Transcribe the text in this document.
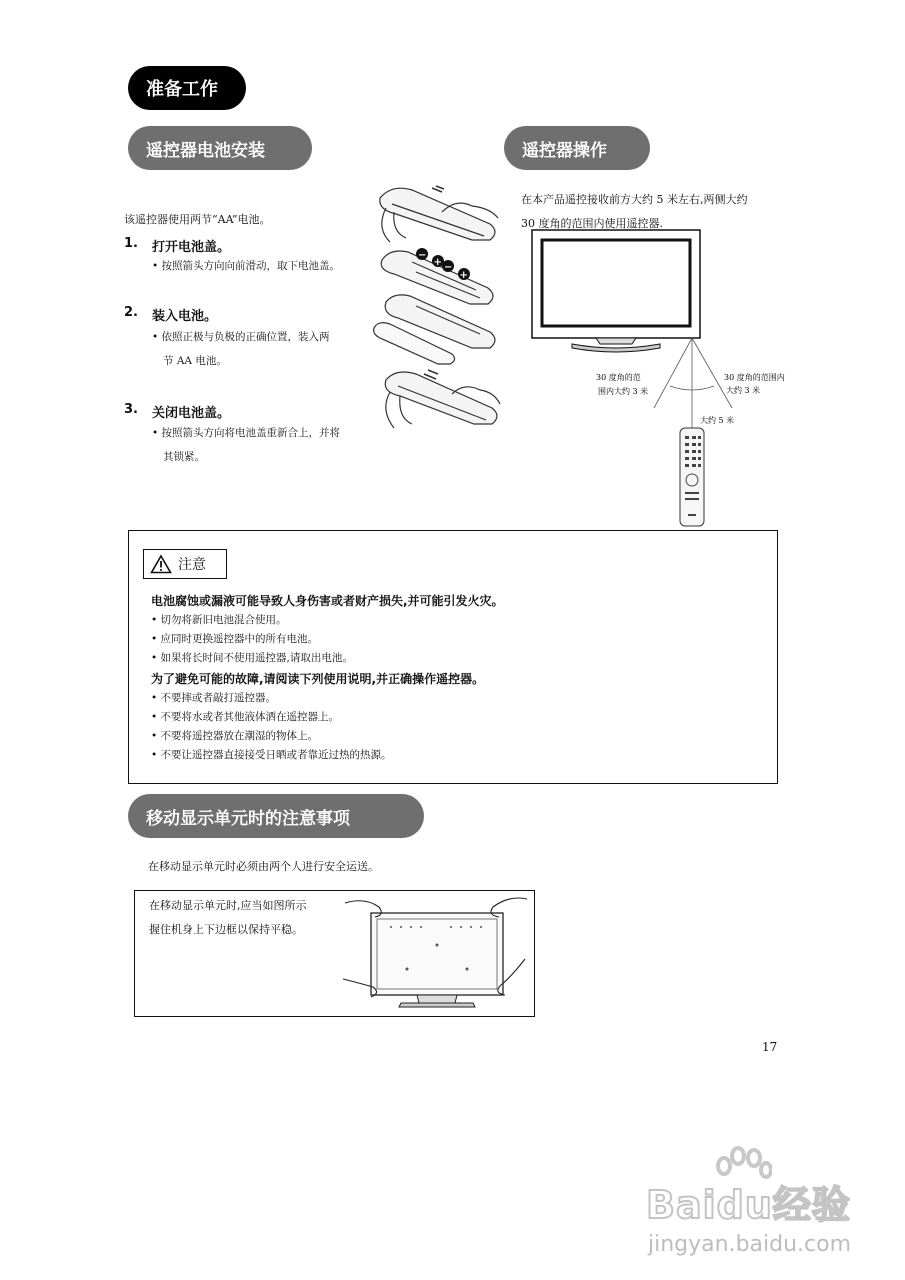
准备工作
遥控器电池安装
该遥控器使用两节“AA”电池。
1. 打开电池盖。
• 按照箭头方向向前滑动，取下电池盖。
2. 装入电池。
• 依照正极与负极的正确位置，装入两
节 AA 电池。
3. 关闭电池盖。
• 按照箭头方向将电池盖重新合上，并将
其锁紧。
−
+ −
+
遥控器操作
在本产品遥控接收前方大约 5 米左右,两侧大约
30 度角的范围内使用遥控器.
30 度角的范
围内大约 3 米
30 度角的范围内
大约 3 米
大约 5 米
注意
电池腐蚀或漏液可能导致人身伤害或者财产损失,并可能引发火灾。
• 切勿将新旧电池混合使用。
• 应同时更换遥控器中的所有电池。
• 如果将长时间不使用遥控器,请取出电池。
为了避免可能的故障,请阅读下列使用说明,并正确操作遥控器。
• 不要摔或者敲打遥控器。
• 不要将水或者其他液体洒在遥控器上。
• 不要将遥控器放在潮湿的物体上。
• 不要让遥控器直接接受日晒或者靠近过热的热源。
移动显示单元时的注意事项
在移动显示单元时必须由两个人进行安全运送。
在移动显示单元时,应当如图所示
握住机身上下边框以保持平稳。
17
Baidu经验
jingyan.baidu.com
